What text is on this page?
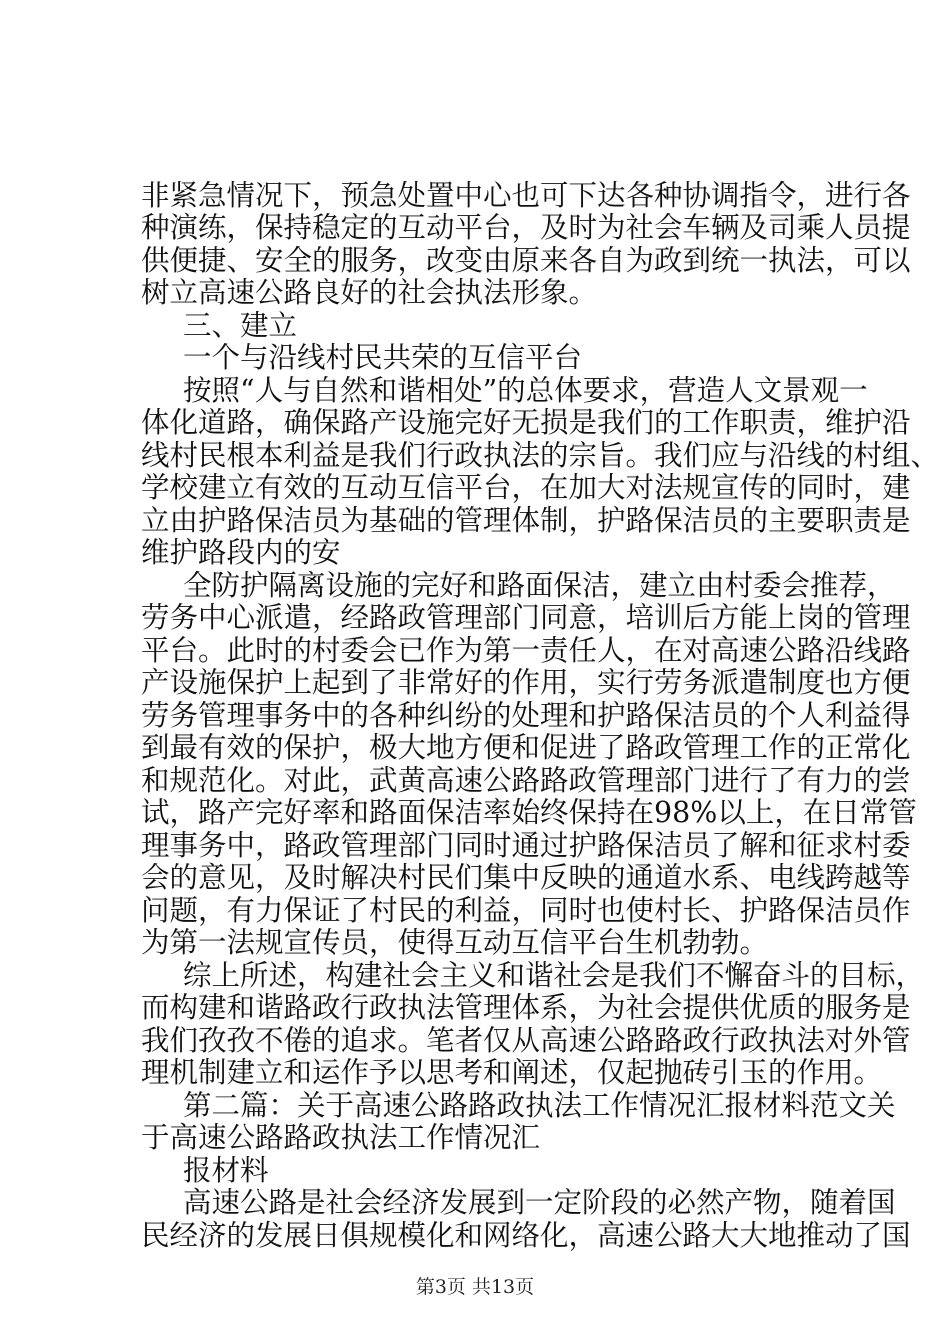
非紧急情况下，预急处置中心也可下达各种协调指令，进行各
种演练，保持稳定的互动平台，及时为社会车辆及司乘人员提
供便捷、安全的服务，改变由原来各自为政到统一执法，可以
树立高速公路良好的社会执法形象。
三、建立
一个与沿线村民共荣的互信平台
按照“人与自然和谐相处”的总体要求，营造人文景观一
体化道路，确保路产设施完好无损是我们的工作职责，维护沿
线村民根本利益是我们行政执法的宗旨。我们应与沿线的村组、
学校建立有效的互动互信平台，在加大对法规宣传的同时，建
立由护路保洁员为基础的管理体制，护路保洁员的主要职责是
维护路段内的安
全防护隔离设施的完好和路面保洁，建立由村委会推荐，
劳务中心派遣，经路政管理部门同意，培训后方能上岗的管理
平台。此时的村委会已作为第一责任人，在对高速公路沿线路
产设施保护上起到了非常好的作用，实行劳务派遣制度也方便
劳务管理事务中的各种纠纷的处理和护路保洁员的个人利益得
到最有效的保护，极大地方便和促进了路政管理工作的正常化
和规范化。对此，武黄高速公路路政管理部门进行了有力的尝
试，路产完好率和路面保洁率始终保持在98%以上，在日常管
理事务中，路政管理部门同时通过护路保洁员了解和征求村委
会的意见，及时解决村民们集中反映的通道水系、电线跨越等
问题，有力保证了村民的利益，同时也使村长、护路保洁员作
为第一法规宣传员，使得互动互信平台生机勃勃。
综上所述，构建社会主义和谐社会是我们不懈奋斗的目标，
而构建和谐路政行政执法管理体系，为社会提供优质的服务是
我们孜孜不倦的追求。笔者仅从高速公路路政行政执法对外管
理机制建立和运作予以思考和阐述，仅起抛砖引玉的作用。
第二篇：关于高速公路路政执法工作情况汇报材料范文关
于高速公路路政执法工作情况汇
报材料
高速公路是社会经济发展到一定阶段的必然产物，随着国
民经济的发展日俱规模化和网络化，高速公路大大地推动了国
第3页 共13页
